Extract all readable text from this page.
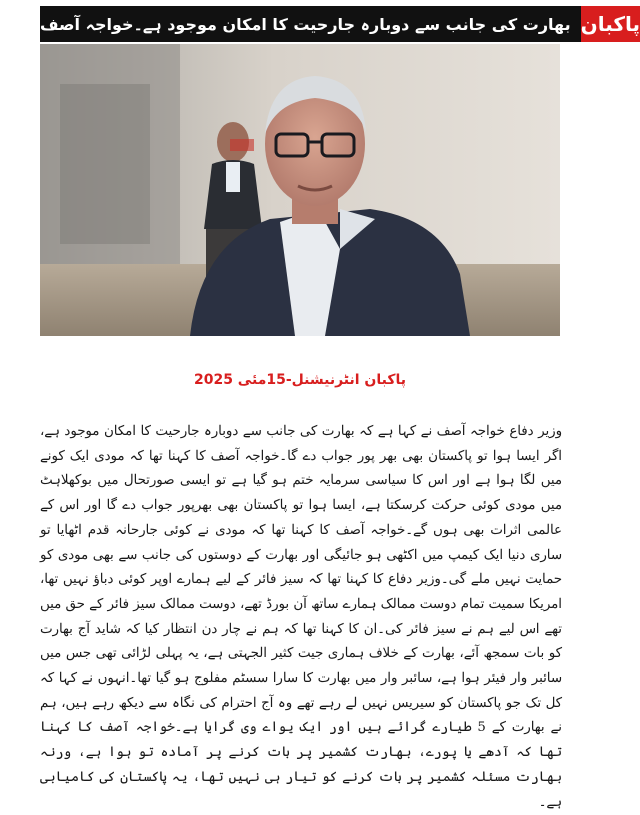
بھارت کی جانب سے دوبارہ جارحیت کا امکان موجود ہے۔خواجہ آصف پاکبان
پاکبان انٹرنیشنل-15مئی 2025

وزیر دفاع خواجہ آصف نے کہا ہے کہ بھارت کی جانب سے دوبارہ جارحیت کا امکان موجود ہے، اگر ایسا ہوا تو پاکستان بھی بھر پور جواب دے گا۔خواجہ آصف کا کہنا تھا کہ مودی ایک کونے میں لگا ہوا ہے اور اس کا سیاسی سرمایہ ختم ہو گیا ہے تو ایسی صورتحال میں بوکھلاہٹ میں مودی کوئی حرکت کرسکتا ہے، ایسا ہوا تو پاکستان بھی بھرپور جواب دے گا اور اس کے عالمی اثرات بھی ہوں گے۔خواجہ آصف کا کہنا تھا کہ مودی نے کوئی جارحانہ قدم اٹھایا تو ساری دنیا ایک کیمپ میں اکٹھی ہو جائیگی اور بھارت کے دوستوں کی جانب سے بھی مودی کو حمایت نہیں ملے گی۔وزیر دفاع کا کہنا تھا کہ سیز فائر کے لیے ہمارے اوپر کوئی دباؤ نہیں تھا، امریکا سمیت تمام دوست ممالک ہمارے ساتھ آن بورڈ تھے، دوست ممالک سیز فائر کے حق میں تھے اس لیے ہم نے سیز فائر کی۔ان کا کہنا تھا کہ ہم نے چار دن انتظار کیا کہ شاید آج بھارت کو بات سمجھ آئے، بھارت کے خلاف ہماری جیت کثیر الجہتی ہے، یہ پہلی لڑائی تھی جس میں سائبر وار فیئر ہوا ہے، سائبر وار میں بھارت کا سارا سسٹم مفلوج ہو گیا تھا۔انہوں نے کہا کہ کل تک جو پاکستان کو سیریس نہیں لے رہے تھے وہ آج احترام کی نگاہ سے دیکھ رہے ہیں، ہم نے بھارت کے 5 طیارے گرائے ہیں اور ایک یواے وی گرایا ہے۔خواجہ آصف کا کہنا تھا کہ آدھے یا پورے، بھارت کشمیر پر بات کرنے پر آمادہ تو ہوا ہے، ورنہ بھارت مسئلہ کشمیر پر بات کرنے کو تیار ہی نہیں تھا، یہ پاکستان کی کامیابی ہے۔
